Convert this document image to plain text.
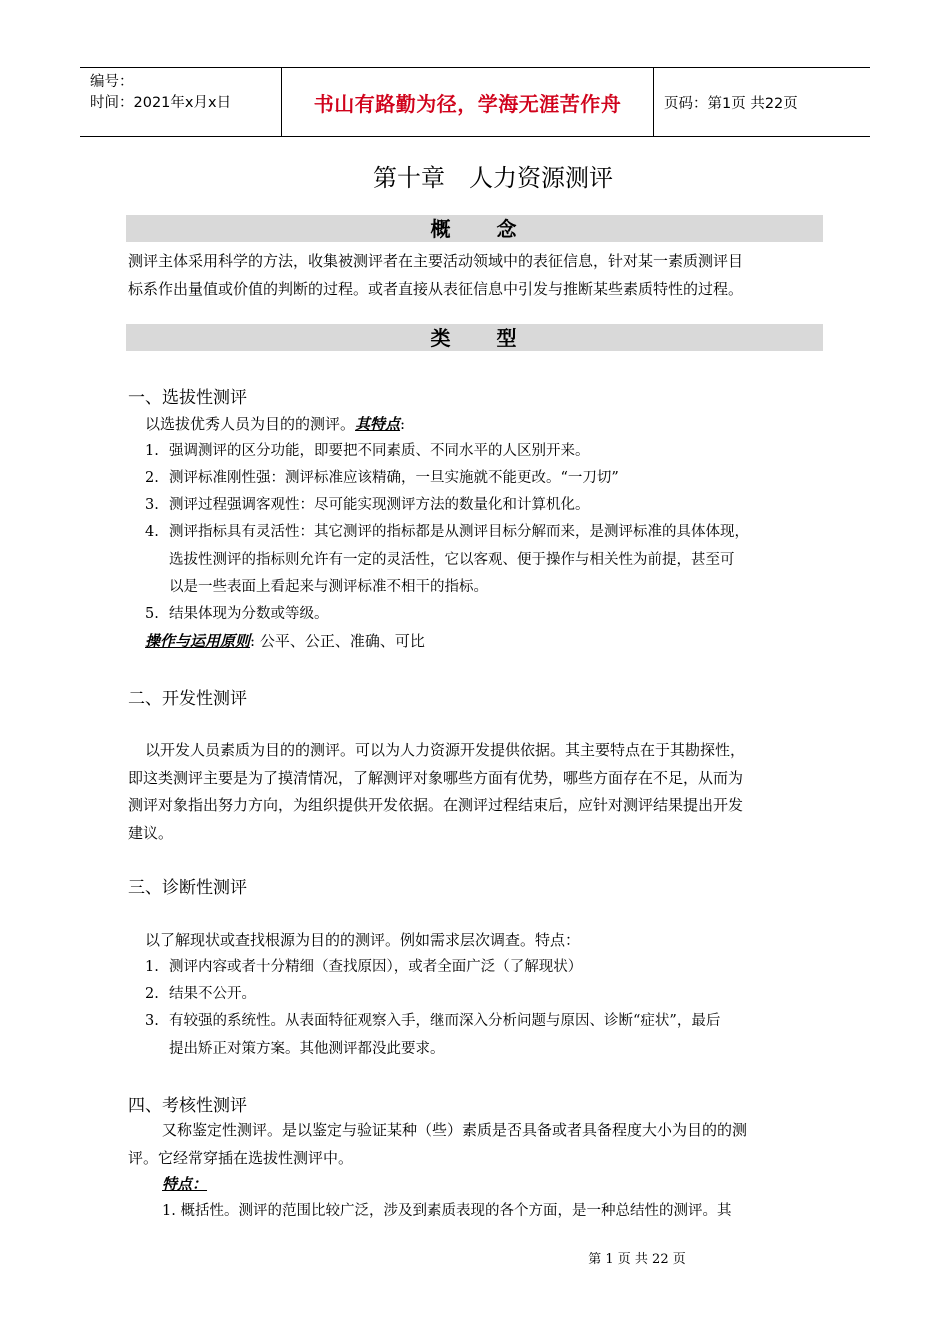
编号：
时间：2021年x月x日	书山有路勤为径，学海无涯苦作舟	页码：第1页 共22页
第十章　人力资源测评
概　　念
测评主体采用科学的方法，收集被测评者在主要活动领域中的表征信息，针对某一素质测评目
标系作出量值或价值的判断的过程。或者直接从表征信息中引发与推断某些素质特性的过程。
类　　型
一、选拔性测评
以选拔优秀人员为目的的测评。其特点:
1. 强调测评的区分功能，即要把不同素质、不同水平的人区别开来。
2. 测评标准刚性强：测评标准应该精确，一旦实施就不能更改。“一刀切”
3. 测评过程强调客观性：尽可能实现测评方法的数量化和计算机化。
4. 测评指标具有灵活性：其它测评的指标都是从测评目标分解而来，是测评标准的具体体现，
选拔性测评的指标则允许有一定的灵活性，它以客观、便于操作与相关性为前提，甚至可
以是一些表面上看起来与测评标准不相干的指标。
5. 结果体现为分数或等级。
操作与运用原则: 公平、公正、准确、可比
二、开发性测评
以开发人员素质为目的的测评。可以为人力资源开发提供依据。其主要特点在于其勘探性，
即这类测评主要是为了摸清情况，了解测评对象哪些方面有优势，哪些方面存在不足，从而为
测评对象指出努力方向，为组织提供开发依据。在测评过程结束后，应针对测评结果提出开发
建议。
三、诊断性测评
以了解现状或查找根源为目的的测评。例如需求层次调查。特点：
1. 测评内容或者十分精细（查找原因），或者全面广泛（了解现状）
2. 结果不公开。
3. 有较强的系统性。从表面特征观察入手，继而深入分析问题与原因、诊断“症状”，最后
提出矫正对策方案。其他测评都没此要求。
四、考核性测评
又称鉴定性测评。是以鉴定与验证某种（些）素质是否具备或者具备程度大小为目的的测
评。它经常穿插在选拔性测评中。
特点：
1. 概括性。测评的范围比较广泛，涉及到素质表现的各个方面，是一种总结性的测评。其
第 1 页 共 22 页
